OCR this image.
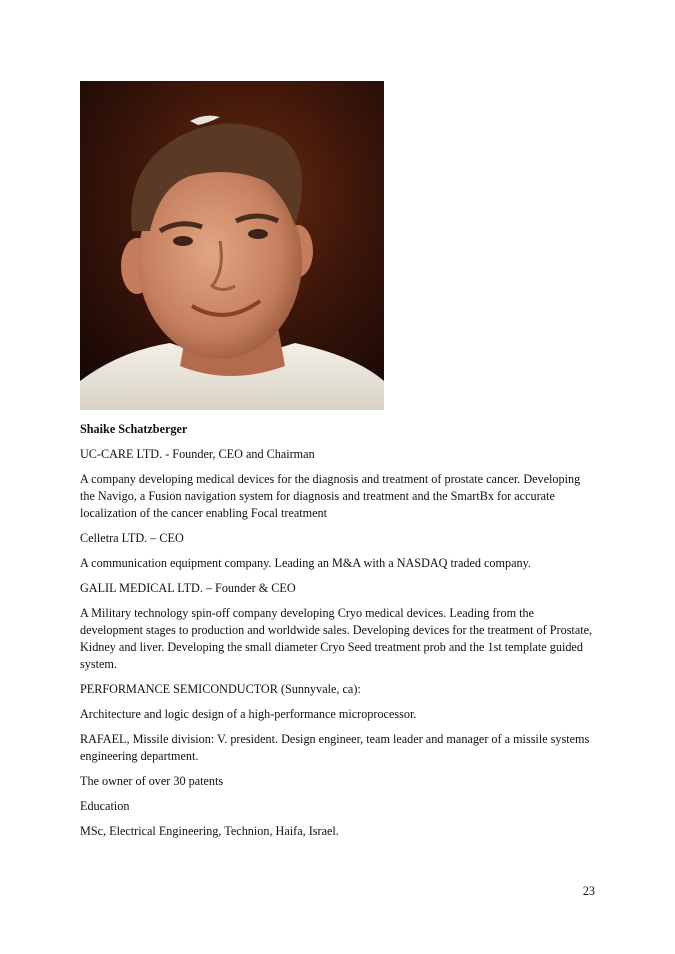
Shaike Schatzberger

UC-CARE LTD. - Founder, CEO and Chairman

A company developing medical devices for the diagnosis and treatment of prostate cancer. Developing the Navigo, a Fusion navigation system for diagnosis and treatment and the SmartBx for accurate localization of the cancer enabling Focal treatment

Celletra LTD. – CEO

A communication equipment company. Leading an M&A with a NASDAQ traded company.

GALIL MEDICAL LTD. – Founder & CEO

A Military technology spin-off company developing Cryo medical devices. Leading from the development stages to production and worldwide sales. Developing devices for the treatment of Prostate, Kidney and liver. Developing the small diameter Cryo Seed treatment prob and the 1st template guided system.

PERFORMANCE SEMICONDUCTOR (Sunnyvale, ca):

Architecture and logic design of a high-performance microprocessor.

RAFAEL, Missile division: V. president. Design engineer, team leader and manager of a missile systems engineering department.

The owner of over 30 patents

Education

MSc, Electrical Engineering, Technion, Haifa, Israel.

23
